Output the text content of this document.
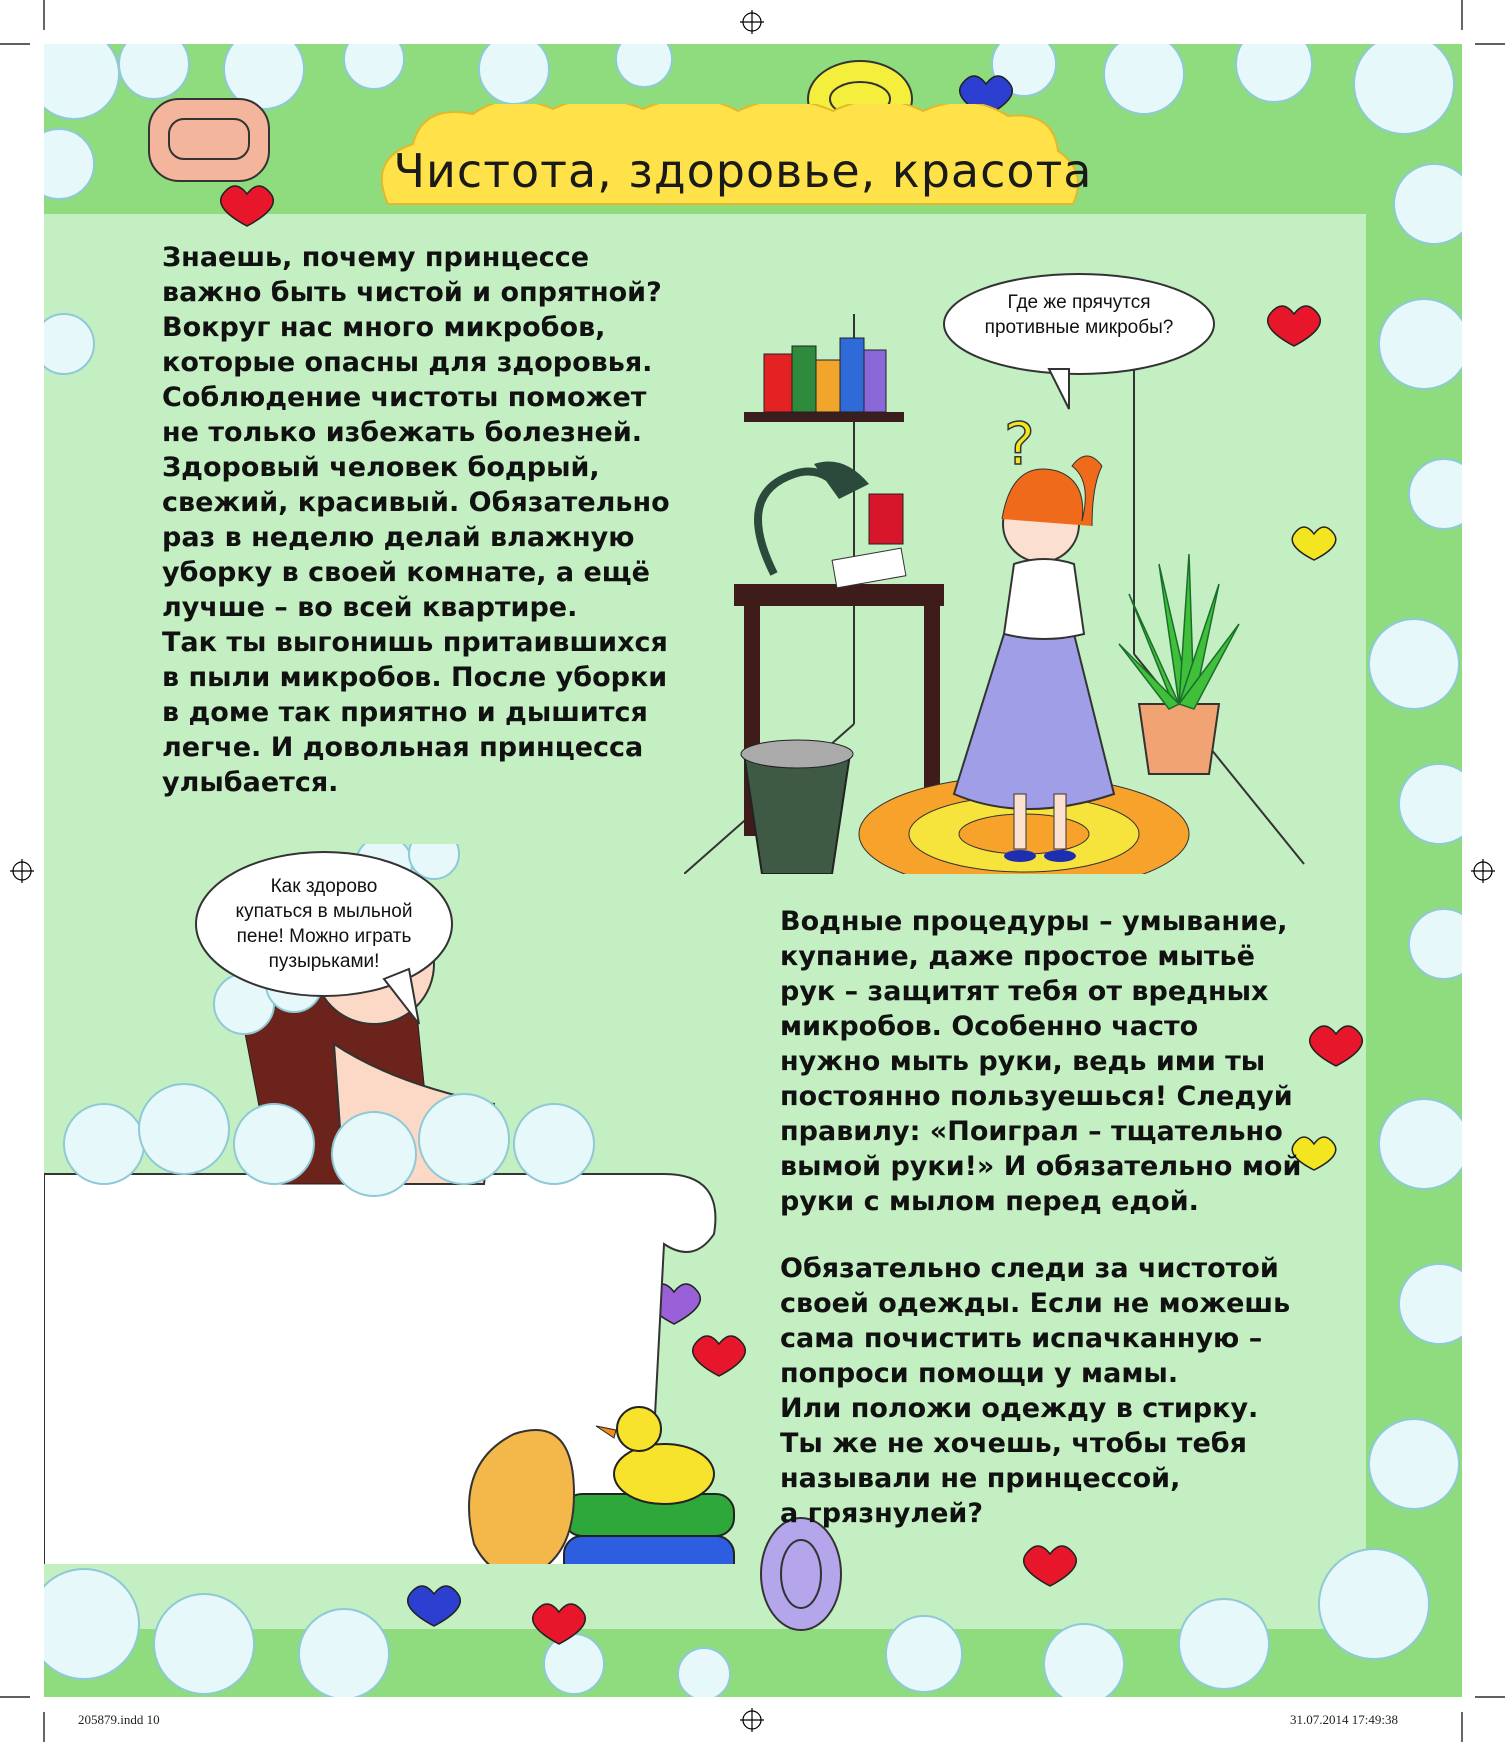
Чистота, здоровье, красота
?
Где же прячутся
противные микробы?
Как здорово
купаться в мыльной
пене! Можно играть
пузырьками!
Знаешь, почему принцессе
важно быть чистой и опрятной?
Вокруг нас много микробов,
которые опасны для здоровья.
Соблюдение чистоты поможет
не только избежать болезней.
Здоровый человек бодрый,
свежий, красивый. Обязательно
раз в неделю делай влажную
уборку в своей комнате, а ещё
лучше – во всей квартире.
Так ты выгонишь притаившихся
в пыли микробов. После уборки
в доме так приятно и дышится
легче. И довольная принцесса
улыбается.
Водные процедуры – умывание,
купание, даже простое мытьё
рук – защитят тебя от вредных
микробов. Особенно часто
нужно мыть руки, ведь ими ты
постоянно пользуешься! Следуй
правилу: «Поиграл – тщательно
вымой руки!» И обязательно мой
руки с мылом перед едой.
Обязательно следи за чистотой
своей одежды. Если не можешь
сама почистить испачканную –
попроси помощи у мамы.
Или положи одежду в стирку.
Ты же не хочешь, чтобы тебя
называли не принцессой,
а грязнулей?
205879.indd 10	31.07.2014 17:49:38
